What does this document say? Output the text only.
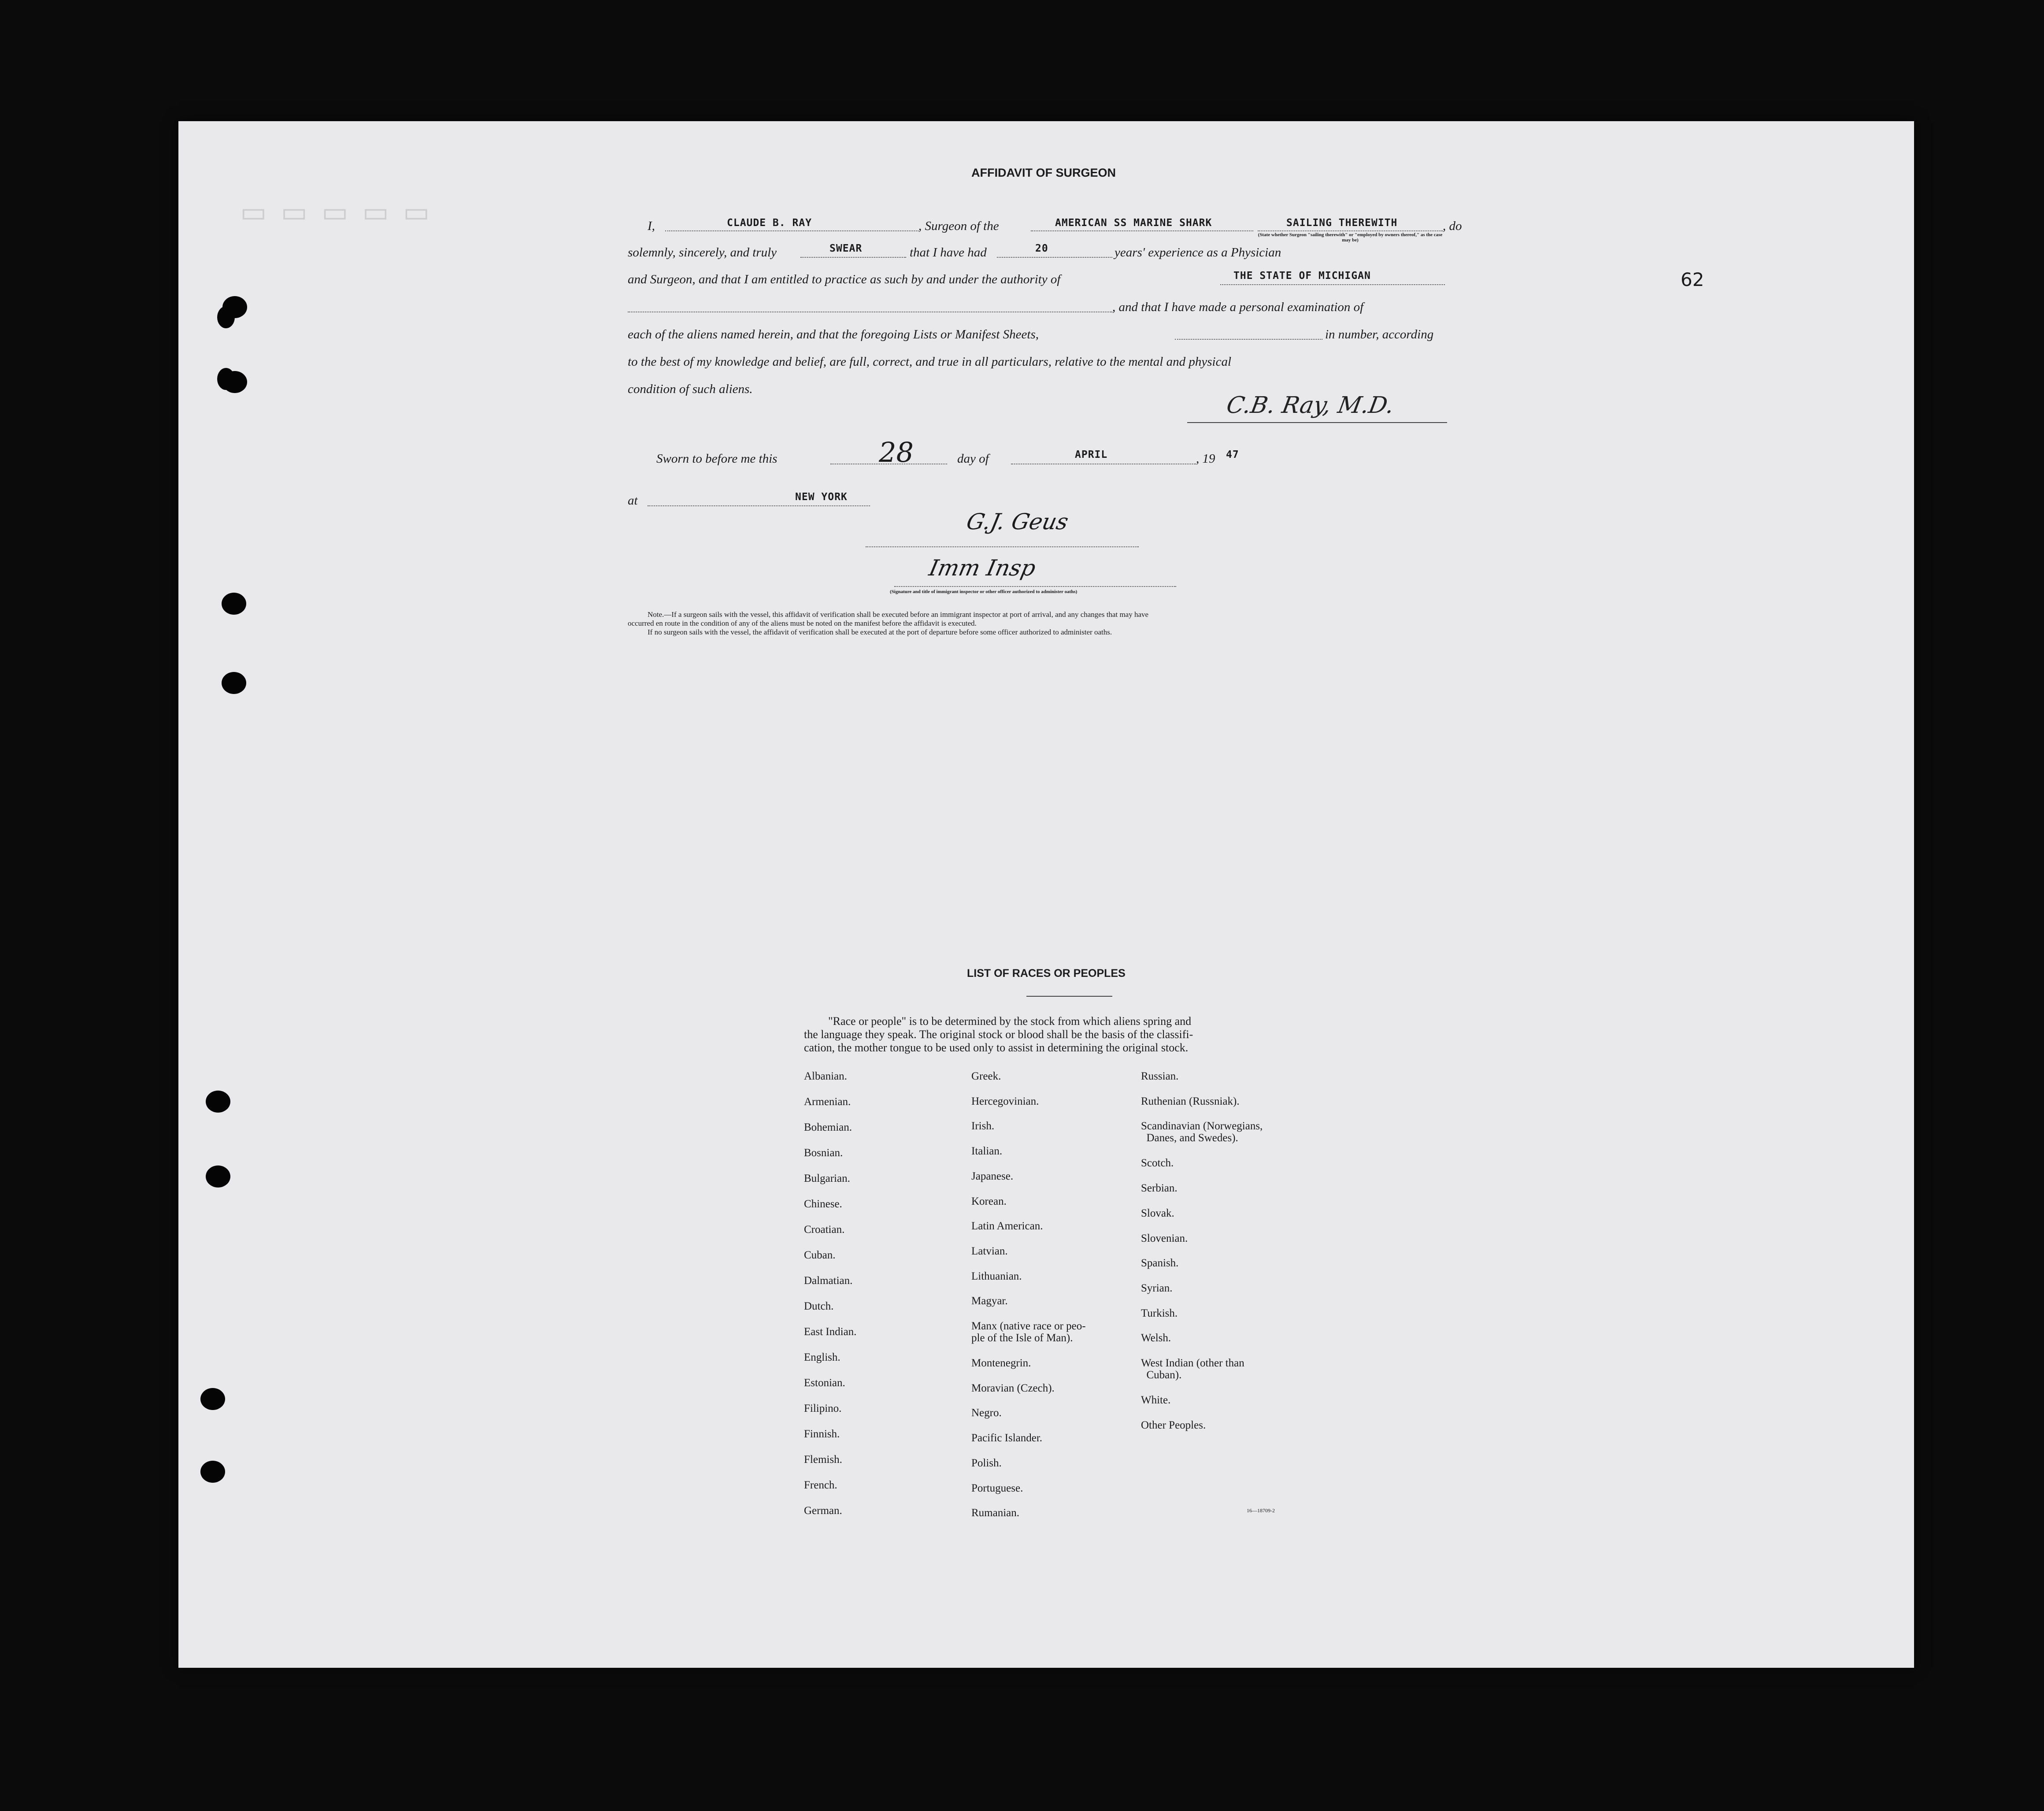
▭ ▭ ▭ ▭ ▭
62
AFFIDAVIT OF SURGEON
I,	CLAUDE B. RAY	, Surgeon of the	AMERICAN SS MARINE SHARK	SAILING THEREWITH	, do
(State whether Surgeon "sailing therewith" or "employed by owners thereof," as the case may be)
solemnly, sincerely, and truly	SWEAR	that I have had	20	years' experience as a Physician
and Surgeon, and that I am entitled to practice as such by and under the authority of	THE STATE OF MICHIGAN
, and that I have made a personal examination of
each of the aliens named herein, and that the foregoing Lists or Manifest Sheets,	in number, according
to the best of my knowledge and belief, are full, correct, and true in all particulars, relative to the mental and physical
condition of such aliens.
C.B. Ray, M.D.
Sworn to before me this	28	day of	APRIL	, 19 47
at	NEW YORK
G.J. Geus
Imm Insp
(Signature and title of immigrant inspector or other officer authorized to administer oaths)
Note.—If a surgeon sails with the vessel, this affidavit of verification shall be executed before an immigrant inspector at port of arrival, and any changes that may have
occurred en route in the condition of any of the aliens must be noted on the manifest before the affidavit is executed.
If no surgeon sails with the vessel, the affidavit of verification shall be executed at the port of departure before some officer authorized to administer oaths.
LIST OF RACES OR PEOPLES
"Race or people" is to be determined by the stock from which aliens spring and
the language they speak. The original stock or blood shall be the basis of the classifi-
cation, the mother tongue to be used only to assist in determining the original stock.
Albanian.
Armenian.
Bohemian.
Bosnian.
Bulgarian.
Chinese.
Croatian.
Cuban.
Dalmatian.
Dutch.
East Indian.
English.
Estonian.
Filipino.
Finnish.
Flemish.
French.
German.
Greek.
Hercegovinian.
Irish.
Italian.
Japanese.
Korean.
Latin American.
Latvian.
Lithuanian.
Magyar.
Manx (native race or peo-
ple of the Isle of Man).
Montenegrin.
Moravian (Czech).
Negro.
Pacific Islander.
Polish.
Portuguese.
Rumanian.
Russian.
Ruthenian (Russniak).
Scandinavian (Norwegians,
Danes, and Swedes).
Scotch.
Serbian.
Slovak.
Slovenian.
Spanish.
Syrian.
Turkish.
Welsh.
West Indian (other than
Cuban).
White.
Other Peoples.
16—18709-2
